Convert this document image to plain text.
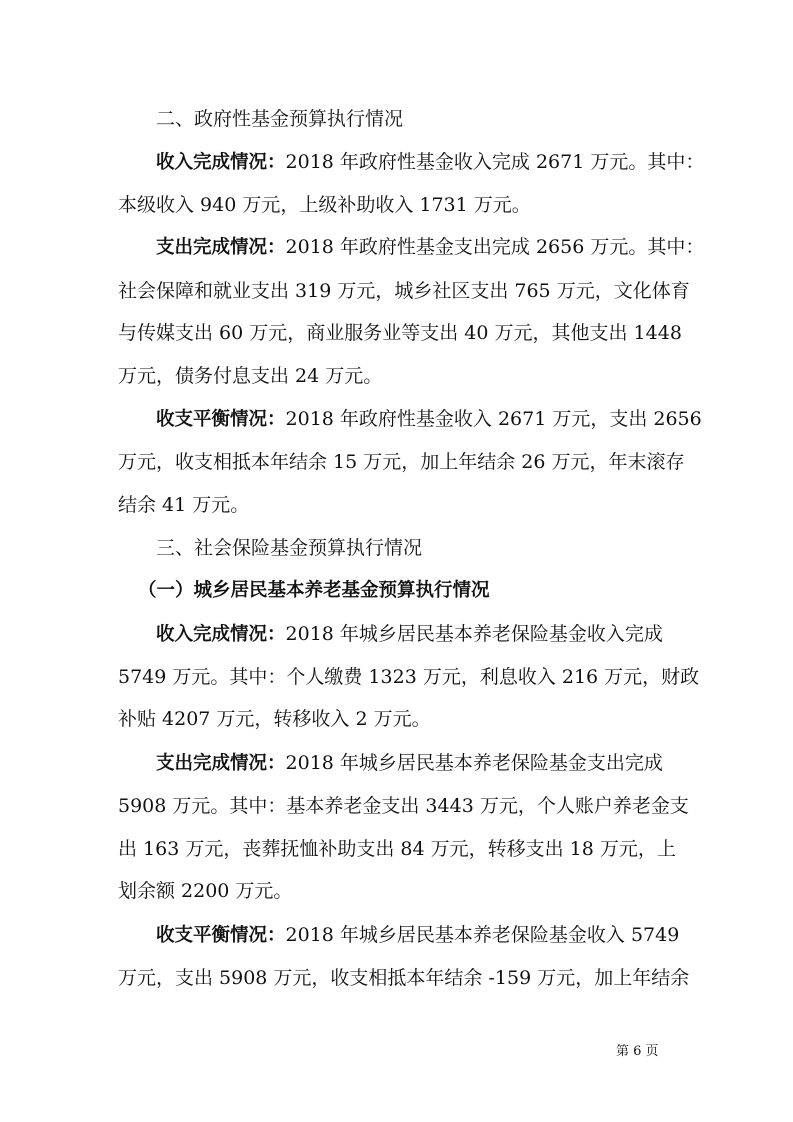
二、政府性基金预算执行情况
收入完成情况：2018 年政府性基金收入完成 2671 万元。其中：
本级收入 940 万元，上级补助收入 1731 万元。
支出完成情况：2018 年政府性基金支出完成 2656 万元。其中：
社会保障和就业支出 319 万元，城乡社区支出 765 万元，文化体育
与传媒支出 60 万元，商业服务业等支出 40 万元，其他支出 1448
万元，债务付息支出 24 万元。
收支平衡情况：2018 年政府性基金收入 2671 万元，支出 2656
万元，收支相抵本年结余 15 万元，加上年结余 26 万元，年末滚存
结余 41 万元。
三、社会保险基金预算执行情况
（一）城乡居民基本养老基金预算执行情况
收入完成情况：2018 年城乡居民基本养老保险基金收入完成
5749 万元。其中：个人缴费 1323 万元，利息收入 216 万元，财政
补贴 4207 万元，转移收入 2 万元。
支出完成情况：2018 年城乡居民基本养老保险基金支出完成
5908 万元。其中：基本养老金支出 3443 万元，个人账户养老金支
出 163 万元，丧葬抚恤补助支出 84 万元，转移支出 18 万元，上
划余额 2200 万元。
收支平衡情况：2018 年城乡居民基本养老保险基金收入 5749
万元，支出 5908 万元，收支相抵本年结余 -159 万元，加上年结余
第 6 页
